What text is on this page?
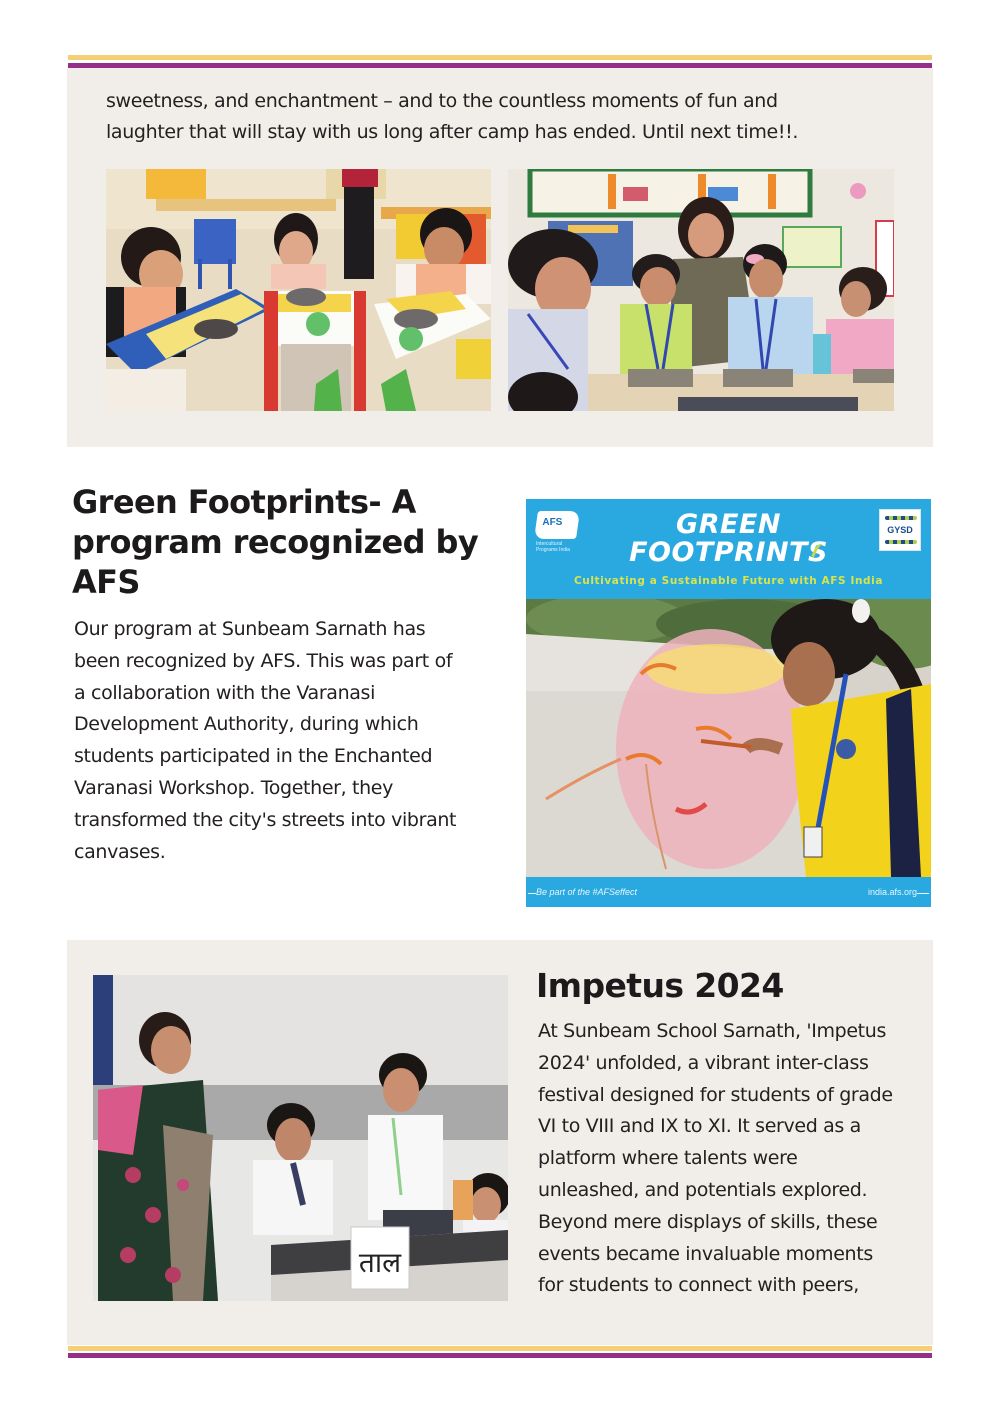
sweetness, and enchantment – and to the countless moments of fun and
laughter that will stay with us long after camp has ended. Until next time!!.
Green Footprints- A
program recognized by
AFS
Our program at Sunbeam Sarnath has
been recognized by AFS. This was part of
a collaboration with the Varanasi
Development Authority, during which
students participated in the Enchanted
Varanasi Workshop. Together, they
transformed the city's streets into vibrant
canvases.
AFS
Intercultural Programs India
GREEN
FOOTPRINTS
Cultivating a Sustainable Future with AFS India
GYSD
Be part of the #AFSeffect	india.afs.org
ताल
Impetus 2024
At Sunbeam School Sarnath, 'Impetus
2024' unfolded, a vibrant inter-class
festival designed for students of grade
VI to VIII and IX to XI. It served as a
platform where talents were
unleashed, and potentials explored.
Beyond mere displays of skills, these
events became invaluable moments
for students to connect with peers,
